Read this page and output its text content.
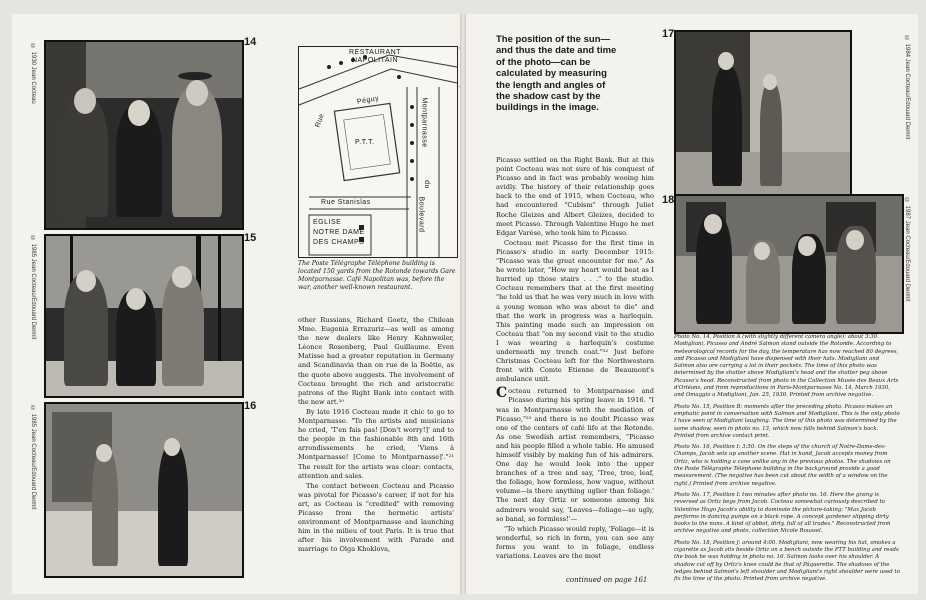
14
© 1930 Jean Cocteau
15
© 1985 Jean Cocteau/Edouard Dermit
16
© 1985 Jean Cocteau/Edouard Dermit
RESTAURANT NAPOLITAIN
Péguy
Rue
P.T.T.
Rue Stanislas
Montparnasse
du
Boulevard
EGLISE
NOTRE DAME
DES CHAMPS
The Poste Télégraphe Téléphone building is located 150 yards from the Rotonde towards Gare Montparnasse. Café Napolitan was, before the war, another well-known restaurant.

other Russians, Richard Goetz, the Chilean Mme. Eugenia Errazuriz—as well as among the new dealers like Henry Kahnweiler, Léonce Rosenberg, Paul Guillaume. Even Matisse had a greater reputation in Germany and Scandinavia than on rue de la Boëtie, as the quote above suggests. The involvement of Cocteau brought the rich and aristocratic patrons of the Right Bank into contact with the new art.²⁰

By late 1916 Cocteau made it chic to go to Montparnasse. "To the artists and musicians he cried, 'T'en fais pas! [Don't worry!]' and to the people in the fashionable 8th and 16th arrondissements he cried, 'Viens à Montparnasse! [Come to Montparnasse]'."²¹ The result for the artists was clear: contacts, attention and sales.

The contact between Cocteau and Picasso was pivotal for Picasso's career, if not for his art, as Cocteau is "credited" with removing Picasso from the hermetic artists' environment of Montparnasse and launching him in the milieu of tout Paris. It is true that after his involvement with Parade and marriage to Olga Khoklova,

The position of the sun—and thus the date and time of the photo—can be calculated by measuring the length and angles of the shadow cast by the buildings in the image.

Picasso settled on the Right Bank. But at this point Cocteau was not sure of his conquest of Picasso and in fact was probably wooing him avidly. The history of their relationship goes back to the end of 1915, when Cocteau, who had encountered "Cubism" through Juliet Roche Gleizes and Albert Gleizes, decided to meet Picasso. Through Valentine Hugo he met Edgar Varèse, who took him to Picasso.

Cocteau met Picasso for the first time in Picasso's studio in early December 1915: "Picasso was the great encounter for me." As he wrote later, "How my heart would beat as I hurried up those stairs . . ." to the studio. Cocteau remembers that at the first meeting "he told us that he was very much in love with a young woman who was about to die" and that the work in progress was a harlequin. This painting made such an impression on Cocteau that "on my second visit to the studio I was wearing a harlequin's costume underneath my trench coat."²² Just before Christmas Cocteau left for the Northwestern front with Comte Etienne de Beaumont's ambulance unit.

Cocteau returned to Montparnasse and Picasso during his spring leave in 1916. "I was in Montparnasse with the mediation of Picasso,"²³ and there is no doubt Picasso was one of the centers of café life at the Rotonde. As one Swedish artist remembers, "Picasso and his people filled a whole table. He amused himself visibly by making fun of his admirers. One day he would look into the upper branches of a tree and say, 'Tree, tree, leaf, the foliage, how formless, how vague, without volume—is there anything uglier than foliage.' The next day Ortiz or someone among his admirers would say, 'Leaves—foliage—so ugly, so banal, so formless!'—

"To which Picasso would reply, 'Foliage—it is wonderful, so rich in form, you can see any forms you want to in foliage, endless variations. Leaves are the most

continued on page 161
17
© 1984 Jean Cocteau/Edouard Dermit
18	© 1987 Jean Cocteau/Edouard Dermit

Photo No. 14, Position A (with slightly different camera angle): about 3:30. Modigliani, Picasso and André Salmon stand outside the Rotonde. According to meteorological records for the day, the temperature has now reached 80 degrees, and Picasso and Modigliani have dispensed with their hats. Modigliani and Salmon also are carrying a lot in their pockets. The time of this photo was determined by the shutter above Modigliani's head and the shutter peg above Picasso's head. Reconstructed from photo in the Collection Musée des Beaux Arts d'Orléans, and from reproductions in Paris-Montparnasse No. 14, March 1930, and Omaggio a Modigliani, Jan. 25, 1930. Printed from archive negative.

Photo No. 15, Position B: moments after the preceding photo. Picasso makes an emphatic point in conversation with Salmon and Modigliani. This is the only photo I have seen of Modigliani laughing. The time of this photo was determined by the same shadow, seen in photo no. 13, which now falls behind Salmon's back. Printed from archive contact print.

Photo No. 16, Position I: 3:50. On the steps of the church of Notre-Dame-des-Champs, Jacob sets up another scene. Hat in hand, Jacob accepts money from Ortiz, who is holding a cane unlike any in the previous photos. The shadows on the Poste Télégraphe Téléphone building in the background provide a good measurement. (The negative has been cut about the width of a window on the right.) Printed from archive negative.

Photo No. 17, Position I: two minutes after photo no. 16. Here the giving is reversed as Ortiz begs from Jacob. Cocteau somewhat curiously described to Valentine Hugo Jacob's ability to dominate the picture-taking: "Max Jacob performs in dancing pumps on a black rope. A concept gardener slipping dirty books to the nuns. A kind of abbot, dirty, full of all trades." Reconstructed from archive negative and photo, collection Nicole Roussel.

Photo No. 18, Position J: around 4:00. Modigliani, now wearing his hat, smokes a cigarette as Jacob sits beside Ortiz on a bench outside the PTT building and reads the book he was holding in photo no. 16. Salmon looks over his shoulder. A shadow cut off by Ortiz's knee could be that of Pâquerette. The shadows of the ledges behind Salmon's left shoulder and Modigliani's right shoulder were used to fix the time of the photo. Printed from archive negative.
